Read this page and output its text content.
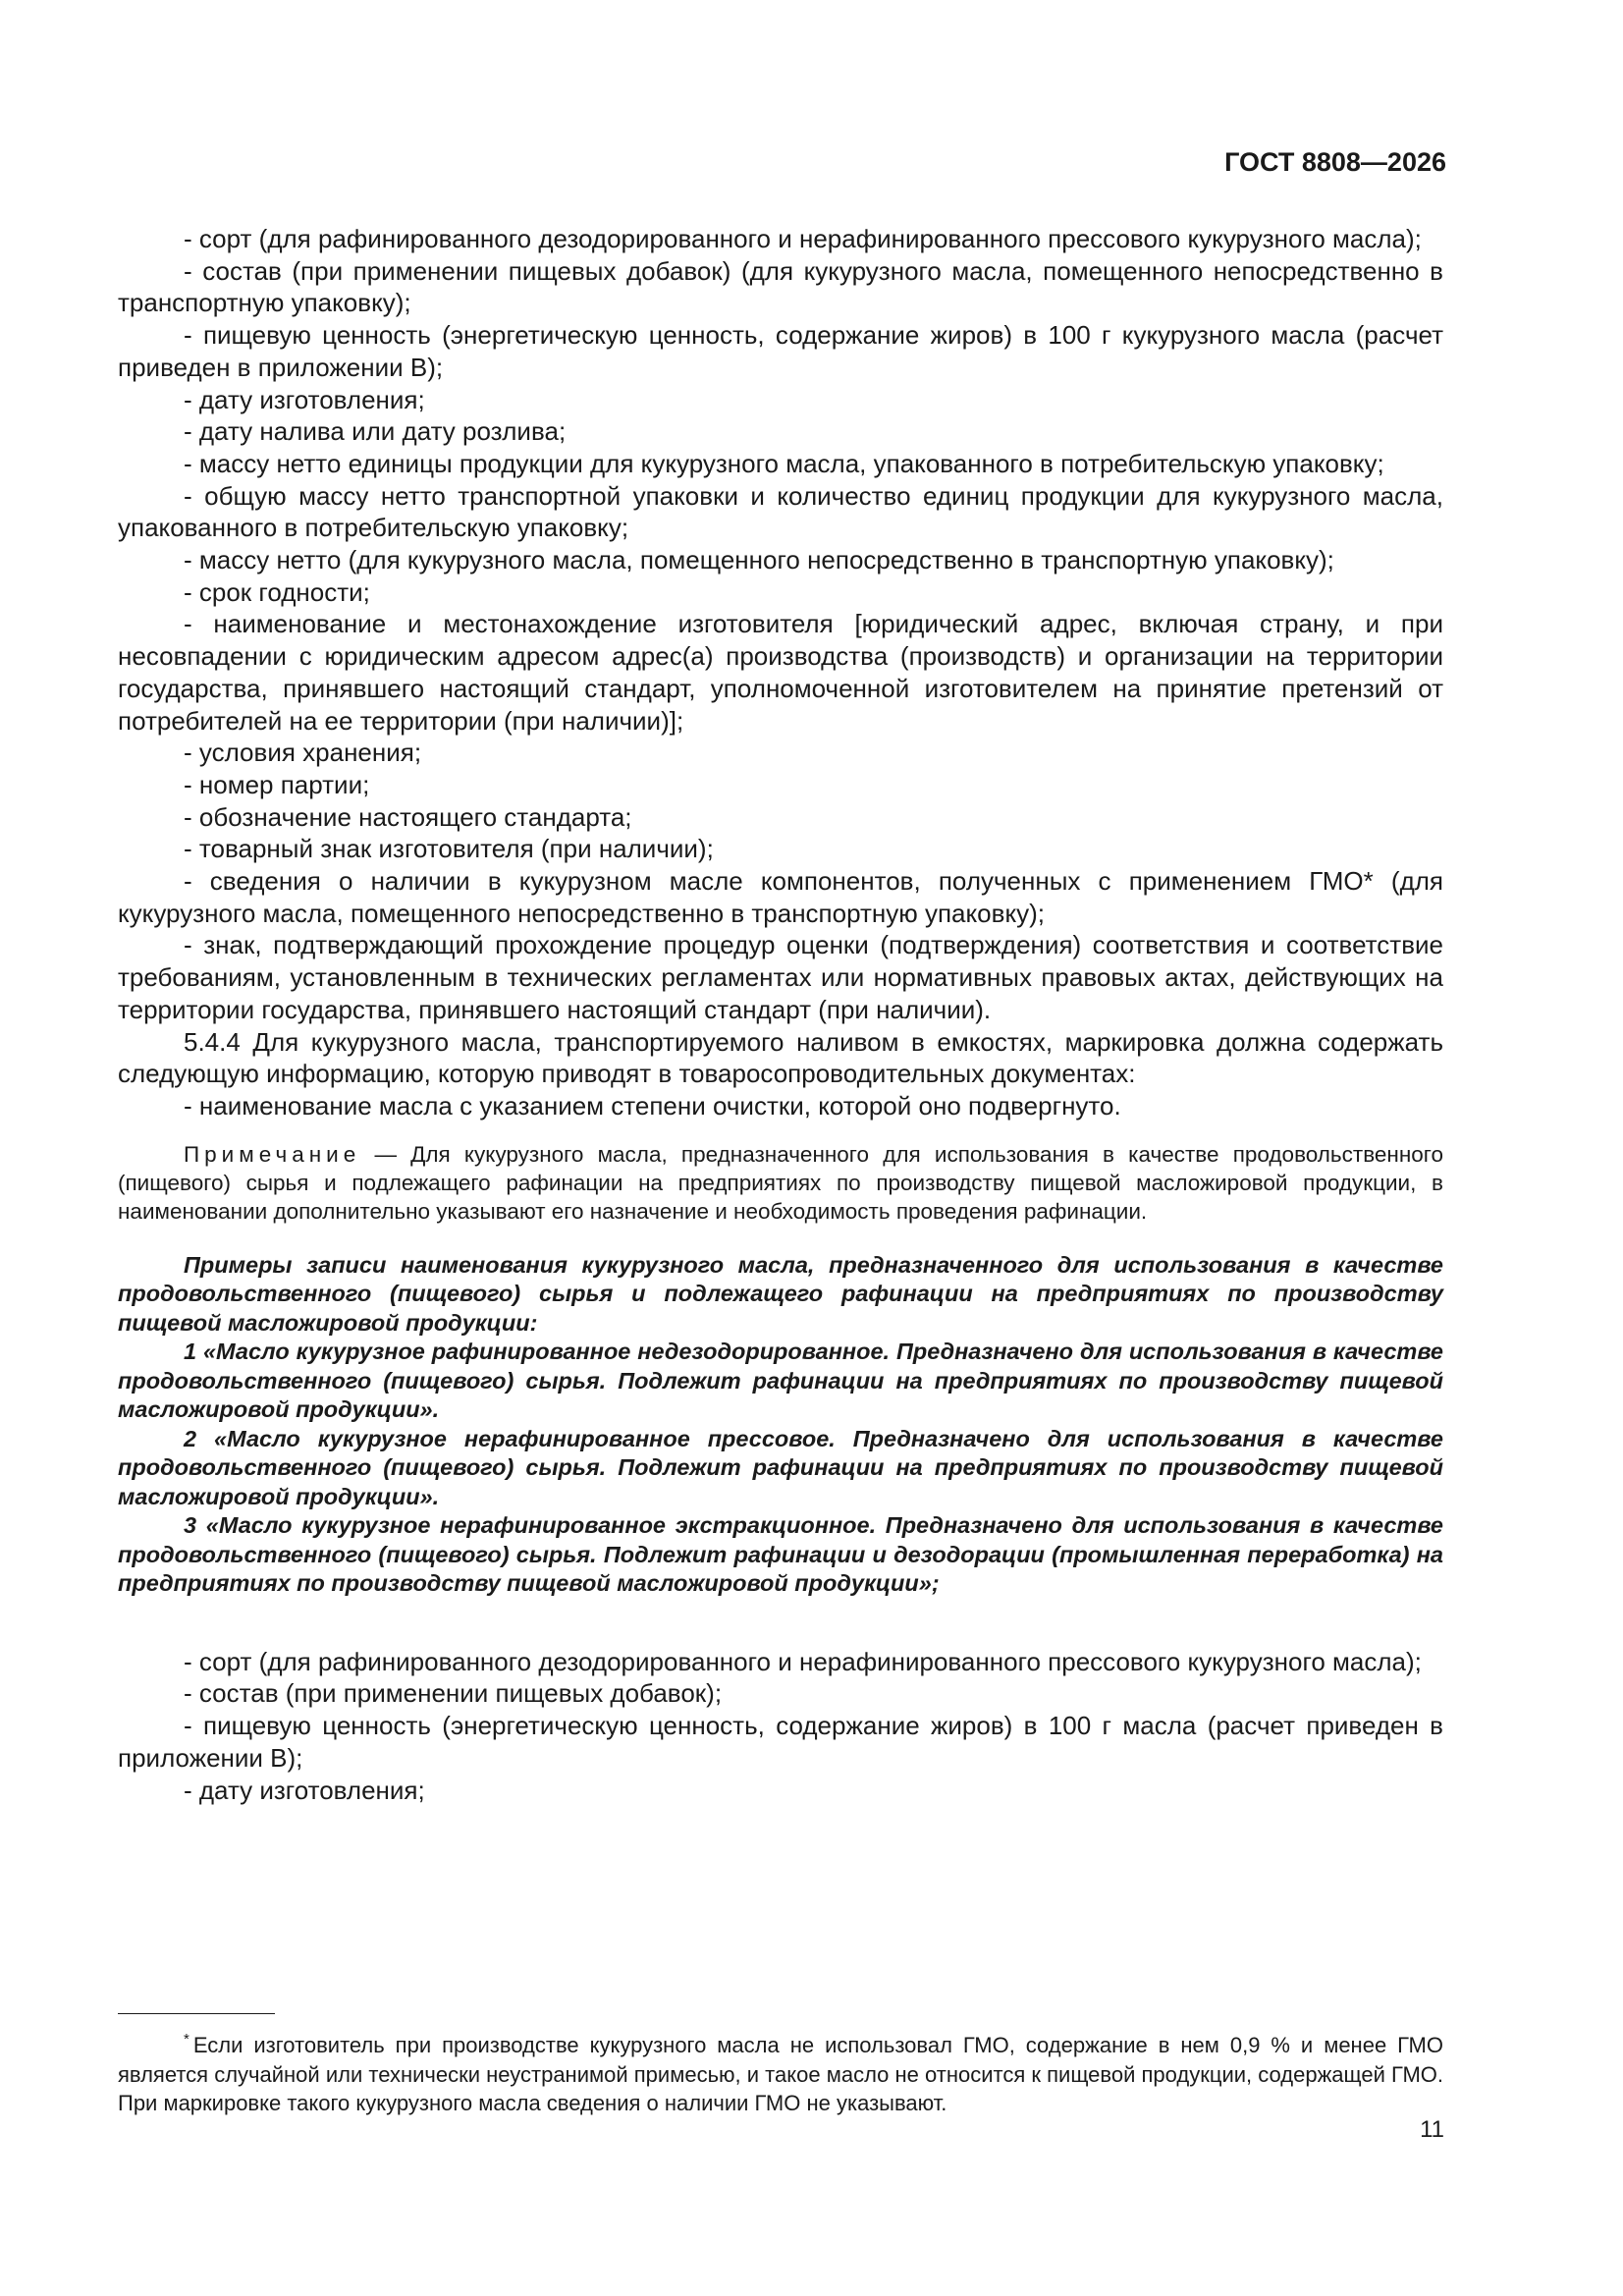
ГОСТ 8808—2026

- сорт (для рафинированного дезодорированного и нерафинированного прессового кукурузного масла);

- состав (при применении пищевых добавок) (для кукурузного масла, помещенного непосредственно в транспортную упаковку);

- пищевую ценность (энергетическую ценность, содержание жиров) в 100 г кукурузного масла (расчет приведен в приложении В);

- дату изготовления;

- дату налива или дату розлива;

- массу нетто единицы продукции для кукурузного масла, упакованного в потребительскую упаковку;

- общую массу нетто транспортной упаковки и количество единиц продукции для кукурузного масла, упакованного в потребительскую упаковку;

- массу нетто (для кукурузного масла, помещенного непосредственно в транспортную упаковку);

- срок годности;

- наименование и местонахождение изготовителя [юридический адрес, включая страну, и при несовпадении с юридическим адресом адрес(а) производства (производств) и организации на территории государства, принявшего настоящий стандарт, уполномоченной изготовителем на принятие претензий от потребителей на ее территории (при наличии)];

- условия хранения;

- номер партии;

- обозначение настоящего стандарта;

- товарный знак изготовителя (при наличии);

- сведения о наличии в кукурузном масле компонентов, полученных с применением ГМО* (для кукурузного масла, помещенного непосредственно в транспортную упаковку);

- знак, подтверждающий прохождение процедур оценки (подтверждения) соответствия и соответствие требованиям, установленным в технических регламентах или нормативных правовых актах, действующих на территории государства, принявшего настоящий стандарт (при наличии).

5.4.4 Для кукурузного масла, транспортируемого наливом в емкостях, маркировка должна содержать следующую информацию, которую приводят в товаросопроводительных документах:

- наименование масла с указанием степени очистки, которой оно подвергнуто.

Примечание — Для кукурузного масла, предназначенного для использования в качестве продовольственного (пищевого) сырья и подлежащего рафинации на предприятиях по производству пищевой масложировой продукции, в наименовании дополнительно указывают его назначение и необходимость проведения рафинации.

Примеры записи наименования кукурузного масла, предназначенного для использования в качестве продовольственного (пищевого) сырья и подлежащего рафинации на предприятиях по производству пищевой масложировой продукции:

1 «Масло кукурузное рафинированное недезодорированное. Предназначено для использования в качестве продовольственного (пищевого) сырья. Подлежит рафинации на предприятиях по производству пищевой масложировой продукции».

2 «Масло кукурузное нерафинированное прессовое. Предназначено для использования в качестве продовольственного (пищевого) сырья. Подлежит рафинации на предприятиях по производству пищевой масложировой продукции».

3 «Масло кукурузное нерафинированное экстракционное. Предназначено для использования в качестве продовольственного (пищевого) сырья. Подлежит рафинации и дезодорации (промышленная переработка) на предприятиях по производству пищевой масложировой продукции»;

- сорт (для рафинированного дезодорированного и нерафинированного прессового кукурузного масла);

- состав (при применении пищевых добавок);

- пищевую ценность (энергетическую ценность, содержание жиров) в 100 г масла (расчет приведен в приложении В);

- дату изготовления;

* Если изготовитель при производстве кукурузного масла не использовал ГМО, содержание в нем 0,9 % и менее ГМО является случайной или технически неустранимой примесью, и такое масло не относится к пищевой продукции, содержащей ГМО. При маркировке такого кукурузного масла сведения о наличии ГМО не указывают.
11
